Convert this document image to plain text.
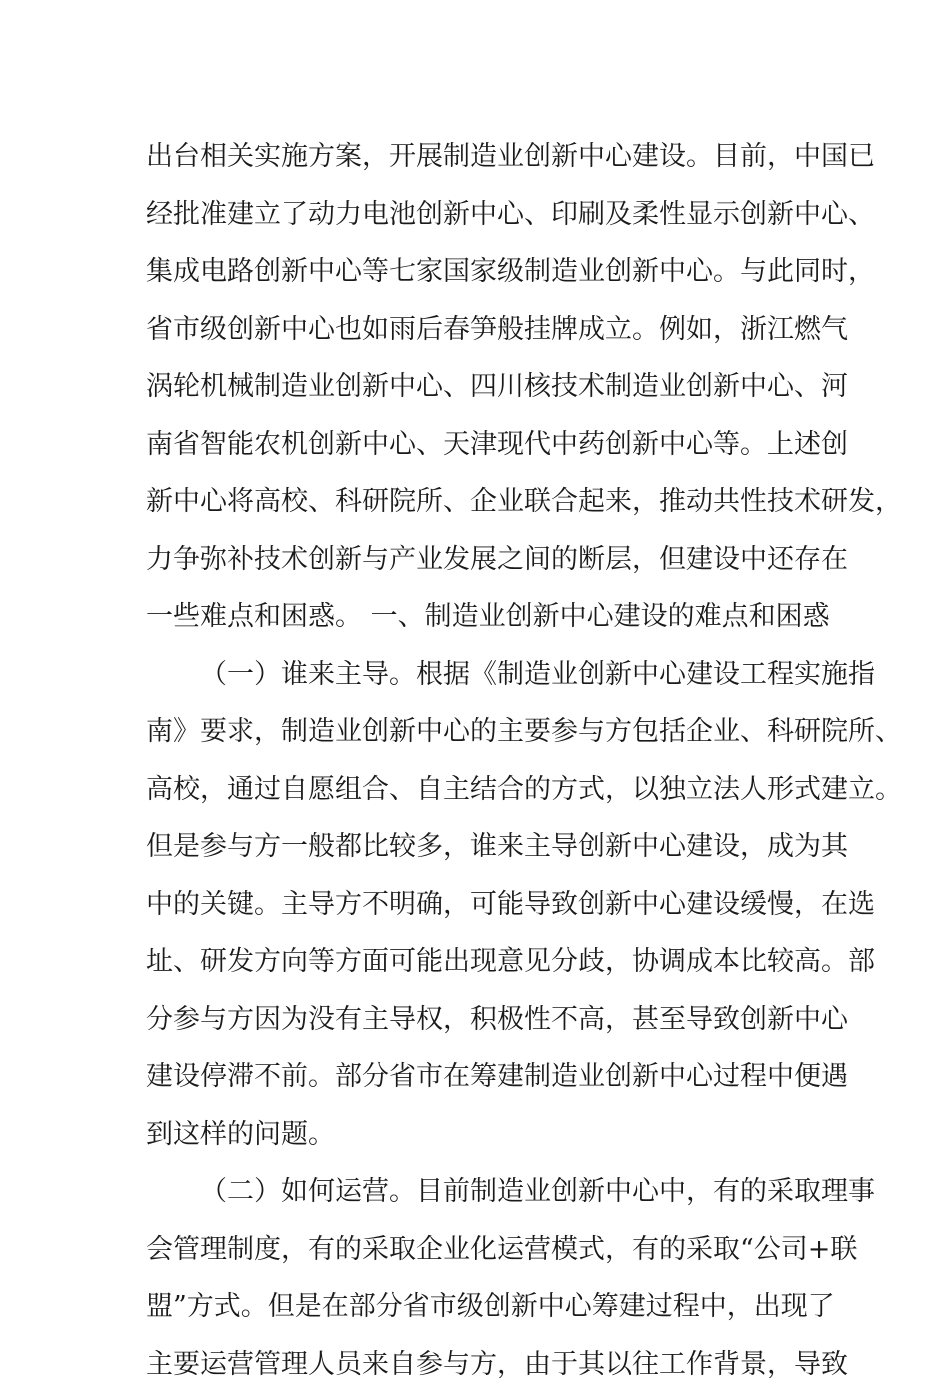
出台相关实施方案，开展制造业创新中心建设。目前，中国已
经批准建立了动力电池创新中心、印刷及柔性显示创新中心、
集成电路创新中心等七家国家级制造业创新中心。与此同时，
省市级创新中心也如雨后春笋般挂牌成立。例如，浙江燃气
涡轮机械制造业创新中心、四川核技术制造业创新中心、河
南省智能农机创新中心、天津现代中药创新中心等。上述创
新中心将高校、科研院所、企业联合起来，推动共性技术研发，
力争弥补技术创新与产业发展之间的断层，但建设中还存在
一些难点和困惑。 一、制造业创新中心建设的难点和困惑
（一）谁来主导。根据《制造业创新中心建设工程实施指
南》要求，制造业创新中心的主要参与方包括企业、科研院所、
高校，通过自愿组合、自主结合的方式，以独立法人形式建立。
但是参与方一般都比较多，谁来主导创新中心建设，成为其
中的关键。主导方不明确，可能导致创新中心建设缓慢，在选
址、研发方向等方面可能出现意见分歧，协调成本比较高。部
分参与方因为没有主导权，积极性不高，甚至导致创新中心
建设停滞不前。部分省市在筹建制造业创新中心过程中便遇
到这样的问题。
（二）如何运营。目前制造业创新中心中，有的采取理事
会管理制度，有的采取企业化运营模式，有的采取“公司+联
盟”方式。但是在部分省市级创新中心筹建过程中，出现了
主要运营管理人员来自参与方，由于其以往工作背景，导致
